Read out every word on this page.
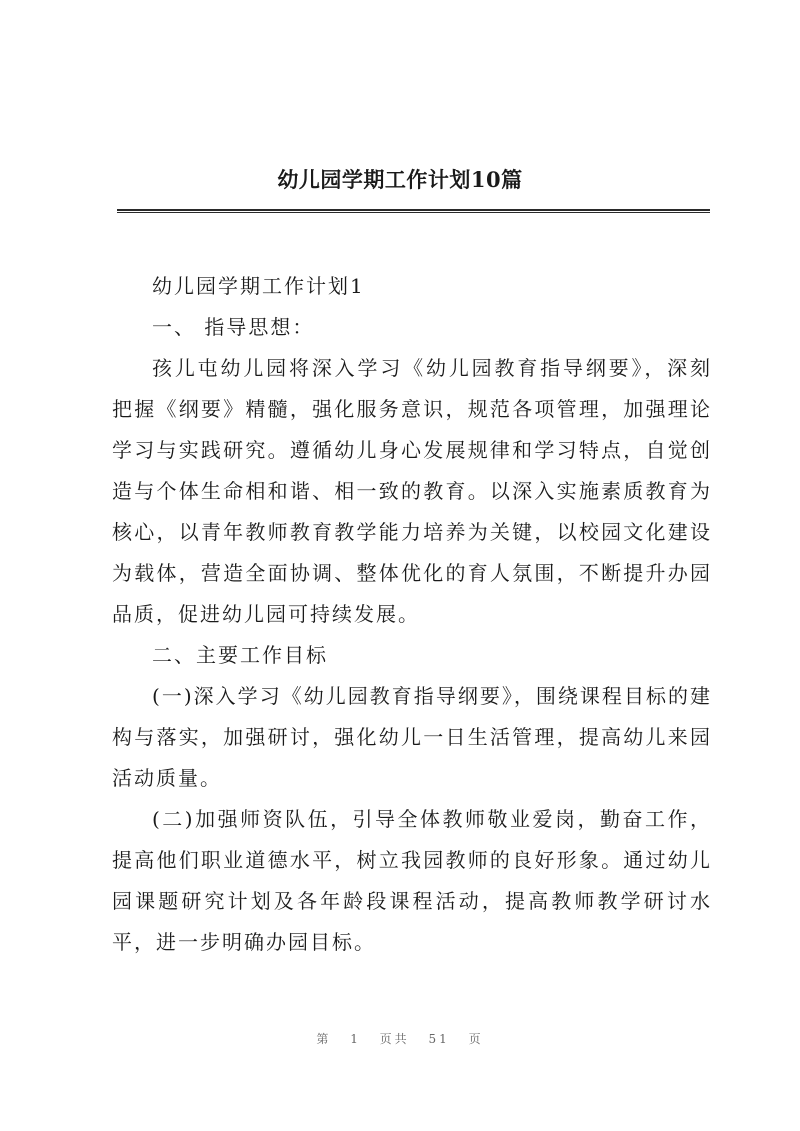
幼儿园学期工作计划10篇

幼儿园学期工作计划1

一、 指导思想：

孩儿屯幼儿园将深入学习《幼儿园教育指导纲要》，深刻把握《纲要》精髓，强化服务意识，规范各项管理，加强理论学习与实践研究。遵循幼儿身心发展规律和学习特点，自觉创造与个体生命相和谐、相一致的教育。以深入实施素质教育为核心，以青年教师教育教学能力培养为关键，以校园文化建设为载体，营造全面协调、整体优化的育人氛围，不断提升办园品质，促进幼儿园可持续发展。

二、主要工作目标

(一)深入学习《幼儿园教育指导纲要》，围绕课程目标的建构与落实，加强研讨，强化幼儿一日生活管理，提高幼儿来园活动质量。

(二)加强师资队伍，引导全体教师敬业爱岗，勤奋工作，提高他们职业道德水平，树立我园教师的良好形象。通过幼儿园课题研究计划及各年龄段课程活动，提高教师教学研讨水平，进一步明确办园目标。

第 1 页共 51 页
